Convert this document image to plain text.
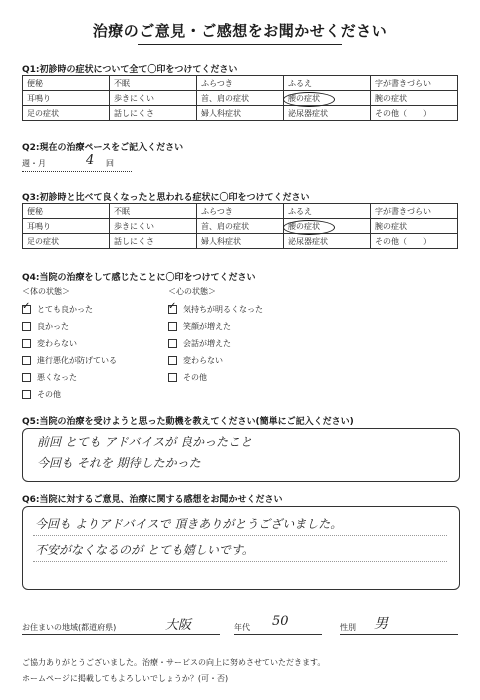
治療のご意見・ご感想をお聞かせください
Q1:初診時の症状について全て〇印をつけてください
便秘	不眠	ふらつき	ふるえ	字が書きづらい
耳鳴り	歩きにくい	首、肩の症状	腰の症状	腕の症状
足の症状	話しにくさ	婦人科症状	泌尿器症状	その他（　　）
Q2:現在の治療ペースをご記入ください
週・月	4 回
Q3:初診時と比べて良くなったと思われる症状に〇印をつけてください
便秘	不眠	ふらつき	ふるえ	字が書きづらい
耳鳴り	歩きにくい	首、肩の症状	腰の症状	腕の症状
足の症状	話しにくさ	婦人科症状	泌尿器症状	その他（　　）
Q4:当院の治療をして感じたことに〇印をつけてください
＜体の状態＞	＜心の状態＞
✓ とても良かった
良かった
変わらない
進行悪化が防げている
悪くなった
その他
✓ 気持ちが明るくなった
笑顔が増えた
会話が増えた
変わらない
その他
Q5:当院の治療を受けようと思った動機を教えてください(簡単にご記入ください)
前回 とても アドバイスが 良かったこと
今回も それを 期待したかった
Q6:当院に対するご意見、治療に関する感想をお聞かせください
今回も よりアドバイスで 頂きありがとうございました。
不安がなくなるのが とても嬉しいです。
お住まいの地域(都道府県)	大阪	年代 50	性別 男
ご協力ありがとうございました。治療・サービスの向上に努めさせていただきます。
ホームページに掲載してもよろしいでしょうか？(可・否)
